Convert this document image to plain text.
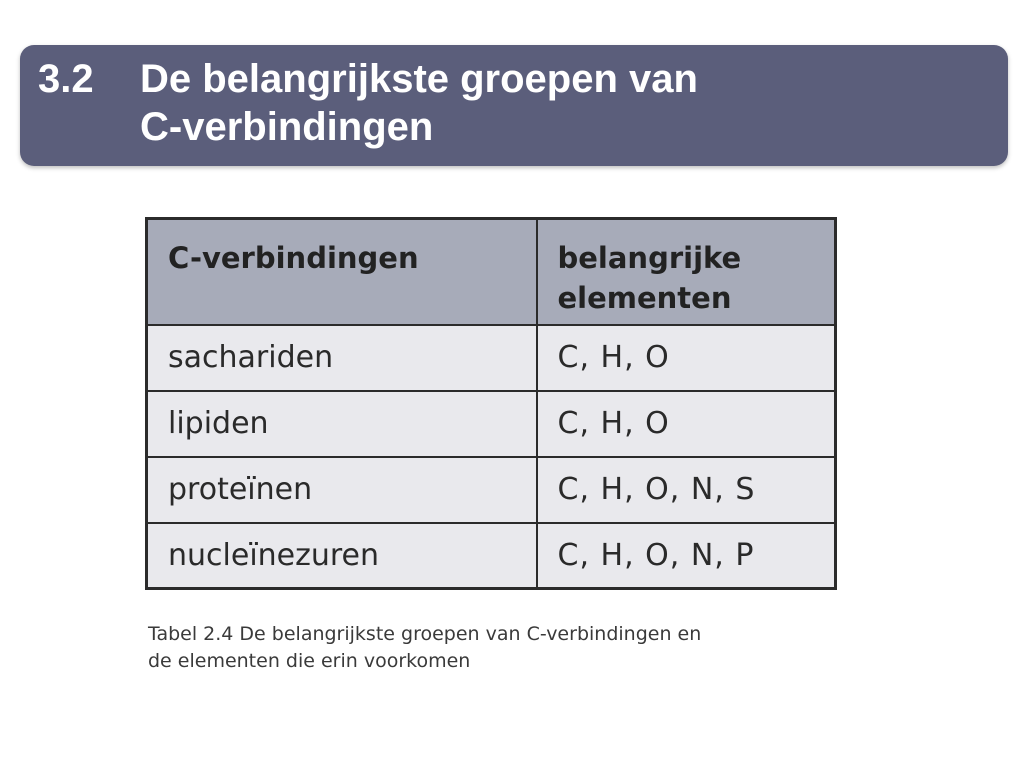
3.2 De belangrijkste groepen van
C-verbindingen
C-verbindingen	belangrijke
elementen
sachariden	C, H, O
lipiden	C, H, O
proteïnen	C, H, O, N, S
nucleïnezuren	C, H, O, N, P
Tabel 2.4 De belangrijkste groepen van C-verbindingen en
de elementen die erin voorkomen
